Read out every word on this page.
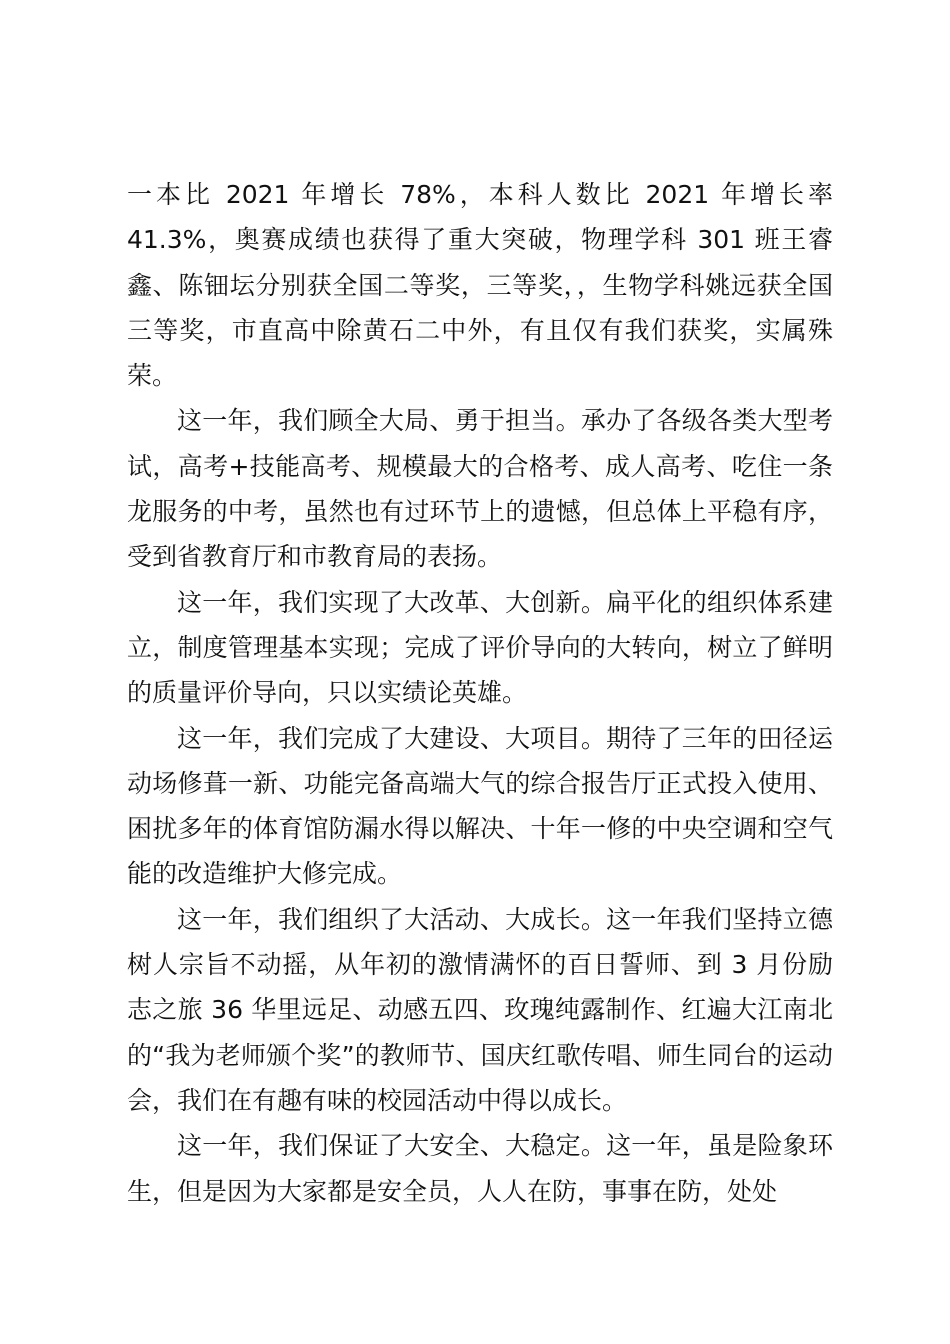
一本比 2021 年增长 78%，本科人数比 2021 年增长率 41.3%，奥赛成绩也获得了重大突破，物理学科 301 班王睿鑫、陈钿坛分别获全国二等奖，三等奖，，生物学科姚远获全国三等奖，市直高中除黄石二中外，有且仅有我们获奖，实属殊荣。

这一年，我们顾全大局、勇于担当。承办了各级各类大型考试，高考+技能高考、规模最大的合格考、成人高考、吃住一条龙服务的中考，虽然也有过环节上的遗憾，但总体上平稳有序，受到省教育厅和市教育局的表扬。

这一年，我们实现了大改革、大创新。扁平化的组织体系建立，制度管理基本实现；完成了评价导向的大转向，树立了鲜明的质量评价导向，只以实绩论英雄。

这一年，我们完成了大建设、大项目。期待了三年的田径运动场修葺一新、功能完备高端大气的综合报告厅正式投入使用、困扰多年的体育馆防漏水得以解决、十年一修的中央空调和空气能的改造维护大修完成。

这一年，我们组织了大活动、大成长。这一年我们坚持立德树人宗旨不动摇，从年初的激情满怀的百日誓师、到 3 月份励志之旅 36 华里远足、动感五四、玫瑰纯露制作、红遍大江南北的“我为老师颁个奖”的教师节、国庆红歌传唱、师生同台的运动会，我们在有趣有味的校园活动中得以成长。

这一年，我们保证了大安全、大稳定。这一年，虽是险象环生，但是因为大家都是安全员，人人在防，事事在防，处处
